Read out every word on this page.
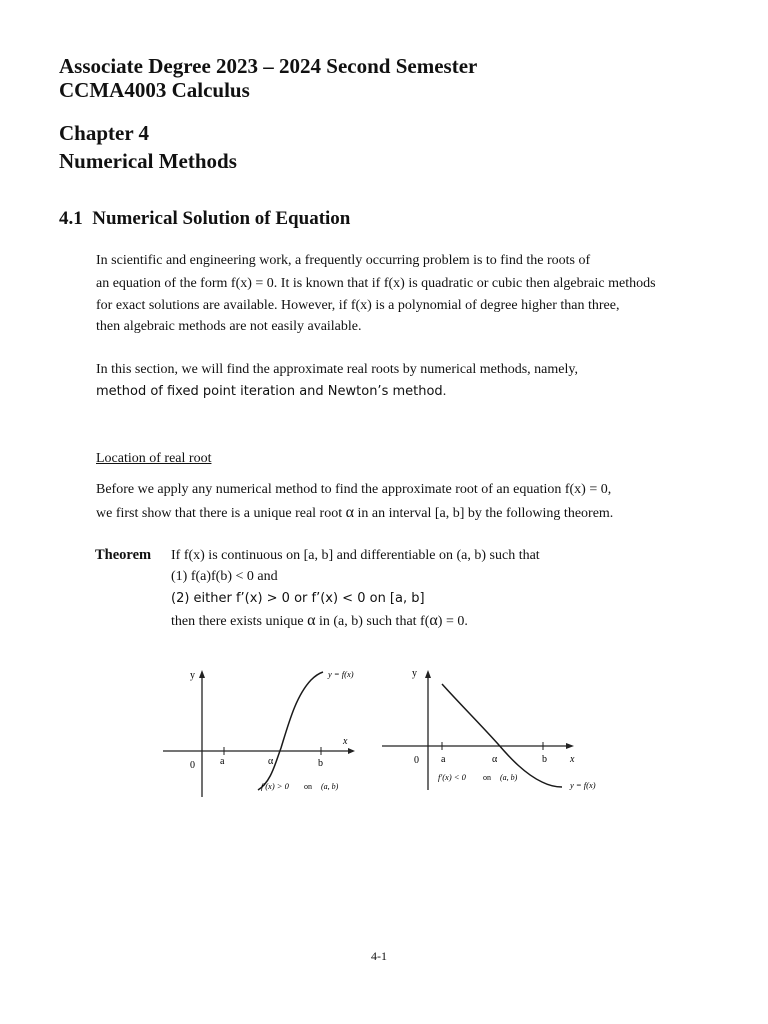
Associate Degree 2023 – 2024 Second Semester
CCMA4003 Calculus
Chapter 4
Numerical Methods
4.1 Numerical Solution of Equation
In scientific and engineering work, a frequently occurring problem is to find the roots of
an equation of the form f(x) = 0. It is known that if f(x) is quadratic or cubic then algebraic methods
for exact solutions are available. However, if f(x) is a polynomial of degree higher than three,
then algebraic methods are not easily available.
In this section, we will find the approximate real roots by numerical methods, namely,
method of fixed point iteration and Newton’s method.
Location of real root
Before we apply any numerical method to find the approximate root of an equation f(x) = 0,
we first show that there is a unique real root α in an interval [a, b] by the following theorem.
Theorem If f(x) is continuous on [a, b] and differentiable on (a, b) such that
(1) f(a)f(b) < 0 and
(2) either f’(x) > 0 or f’(x) < 0 on [a, b]
then there exists unique α in (a, b) such that f(α) = 0.
y
x
0	a	α	b
y = f(x)
f′(x) > 0 on (a, b)
y
x
0 a	α	b
y = f(x)
f′(x) < 0 on (a, b)
4-1
